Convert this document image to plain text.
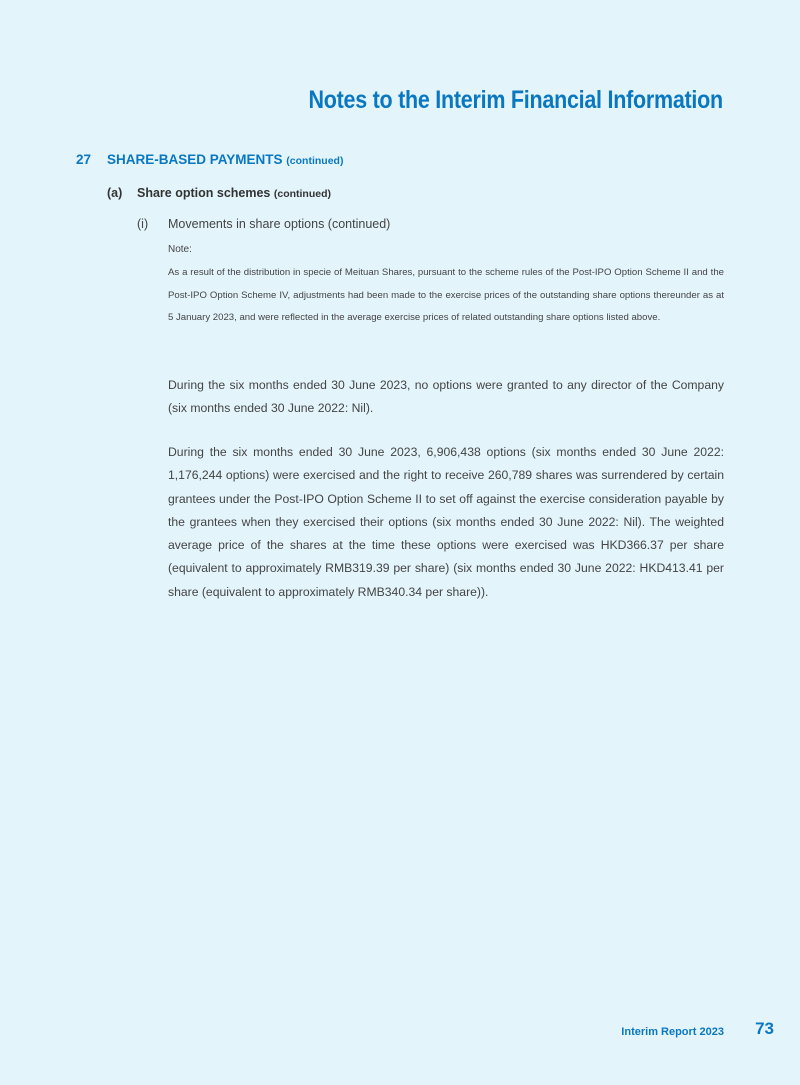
Notes to the Interim Financial Information
27 SHARE-BASED PAYMENTS (continued)
(a) Share option schemes (continued)
(i) Movements in share options (continued)
Note:
As a result of the distribution in specie of Meituan Shares, pursuant to the scheme rules of the Post-IPO Option Scheme II and the Post-IPO Option Scheme IV, adjustments had been made to the exercise prices of the outstanding share options thereunder as at 5 January 2023, and were reflected in the average exercise prices of related outstanding share options listed above.
During the six months ended 30 June 2023, no options were granted to any director of the Company (six months ended 30 June 2022: Nil).
During the six months ended 30 June 2023, 6,906,438 options (six months ended 30 June 2022: 1,176,244 options) were exercised and the right to receive 260,789 shares was surrendered by certain grantees under the Post-IPO Option Scheme II to set off against the exercise consideration payable by the grantees when they exercised their options (six months ended 30 June 2022: Nil). The weighted average price of the shares at the time these options were exercised was HKD366.37 per share (equivalent to approximately RMB319.39 per share) (six months ended 30 June 2022: HKD413.41 per share (equivalent to approximately RMB340.34 per share)).
Interim Report 2023 73
